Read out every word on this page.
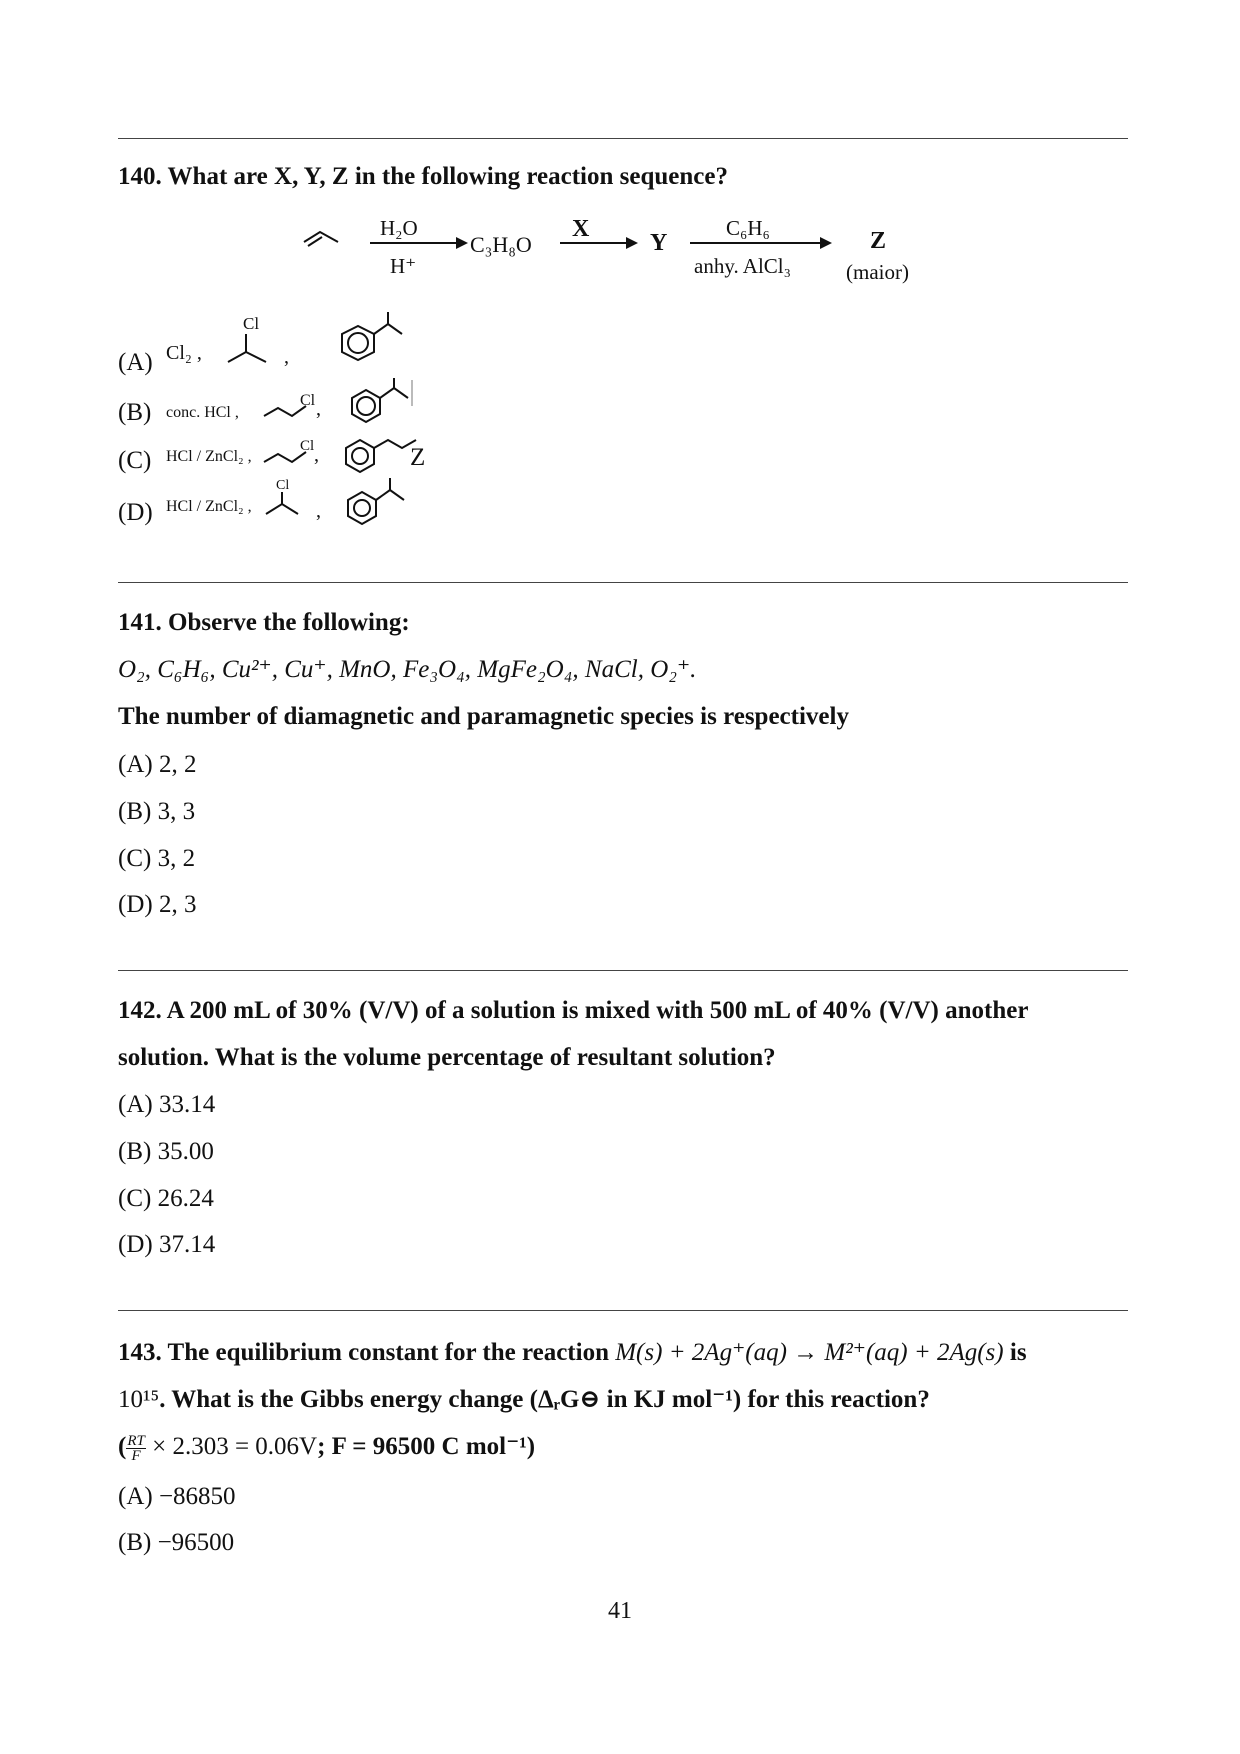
140. What are X, Y, Z in the following reaction sequence?
H₂O
H⁺
C₃H₈O
X
Y
C₆H₆
anhy. AlCl₃
Z
(maior)
(A) Cl₂ ,
Cl
,
(B) conc. HCl ,
Cl ,
(C) HCl / ZnCl₂ ,
Cl ,	Z
(D) HCl / ZnCl₂ ,
Cl
,
141. Observe the following:
O₂, C₆H₆, Cu²⁺, Cu⁺, MnO, Fe₃O₄, MgFe₂O₄, NaCl, O₂⁺.
The number of diamagnetic and paramagnetic species is respectively
(A) 2, 2
(B) 3, 3
(C) 3, 2
(D) 2, 3
142. A 200 mL of 30% (V/V) of a solution is mixed with 500 mL of 40% (V/V) another
solution. What is the volume percentage of resultant solution?
(A) 33.14
(B) 35.00
(C) 26.24
(D) 37.14
143. The equilibrium constant for the reaction M(s) + 2Ag⁺(aq) → M²⁺(aq) + 2Ag(s) is
10¹⁵. What is the Gibbs energy change (ΔᵣG⊖ in KJ mol⁻¹) for this reaction?
( $\frac{RT}{F} \times 2.303 = 0.06V$; F = 96500 C mol⁻¹)
(A) −86850
(B) −96500
41
